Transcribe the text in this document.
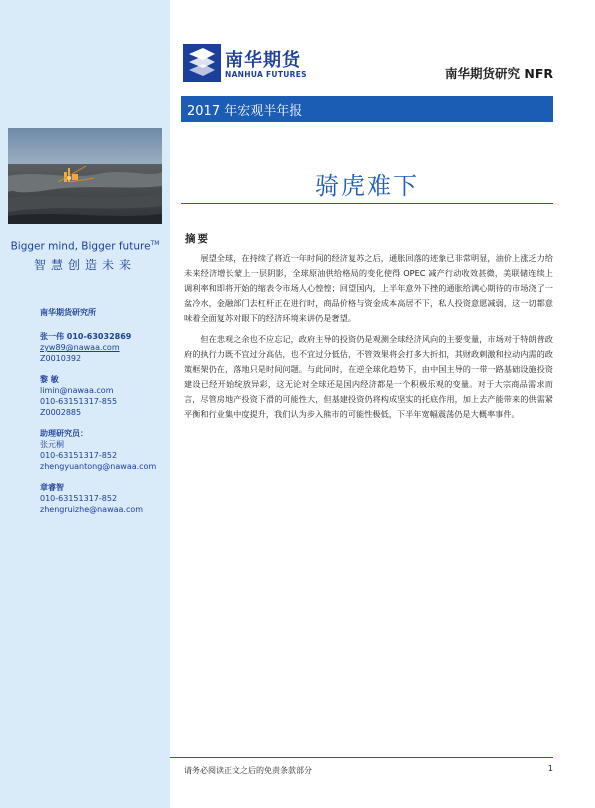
Bigger mind, Bigger future™
智慧创造未来
南华期货研究所
张一伟 010-63032869
zyw89@nawaa.com
Z0010392
黎 敏
limin@nawaa.com
010-63151317-855
Z0002885
助理研究员：
张元桐
010-63151317-852
zhengyuantong@nawaa.com
章睿智
010-63151317-852
zhengruizhe@nawaa.com
南华期货
NANHUA FUTURES	南华期货研究 NFR
2017 年宏观半年报
骑虎难下
摘要

展望全球，在持续了将近一年时间的经济复苏之后，通胀回落的迹象已非常明显，油价上涨乏力给未来经济增长蒙上一层阴影，全球原油供给格局的变化使得 OPEC 减产行动收效甚微，美联储连续上调利率和即将开始的缩表令市场人心惶惶；回望国内，上半年意外下挫的通胀给满心期待的市场浇了一盆冷水，金融部门去杠杆正在进行时，商品价格与资金成本高居不下，私人投资意愿减弱，这一切都意味着全面复苏对眼下的经济环境来讲仍是奢望。

但在悲观之余也不应忘记，政府主导的投资仍是观测全球经济风向的主要变量，市场对于特朗普政府的执行力既不宜过分高估，也不宜过分低估，不管效果将会打多大折扣，其财政刺激和拉动内需的政策框架仍在，落地只是时间问题。与此同时，在逆全球化趋势下，由中国主导的一带一路基础设施投资建设已经开始绽放异彩，这无论对全球还是国内经济都是一个积极乐观的变量。对于大宗商品需求而言，尽管房地产投资下滑的可能性大，但基建投资仍将构成坚实的托底作用，加上去产能带来的供需紧平衡和行业集中度提升，我们认为步入熊市的可能性极低，下半年宽幅震荡仍是大概率事件。

请务必阅读正文之后的免责条款部分	1
